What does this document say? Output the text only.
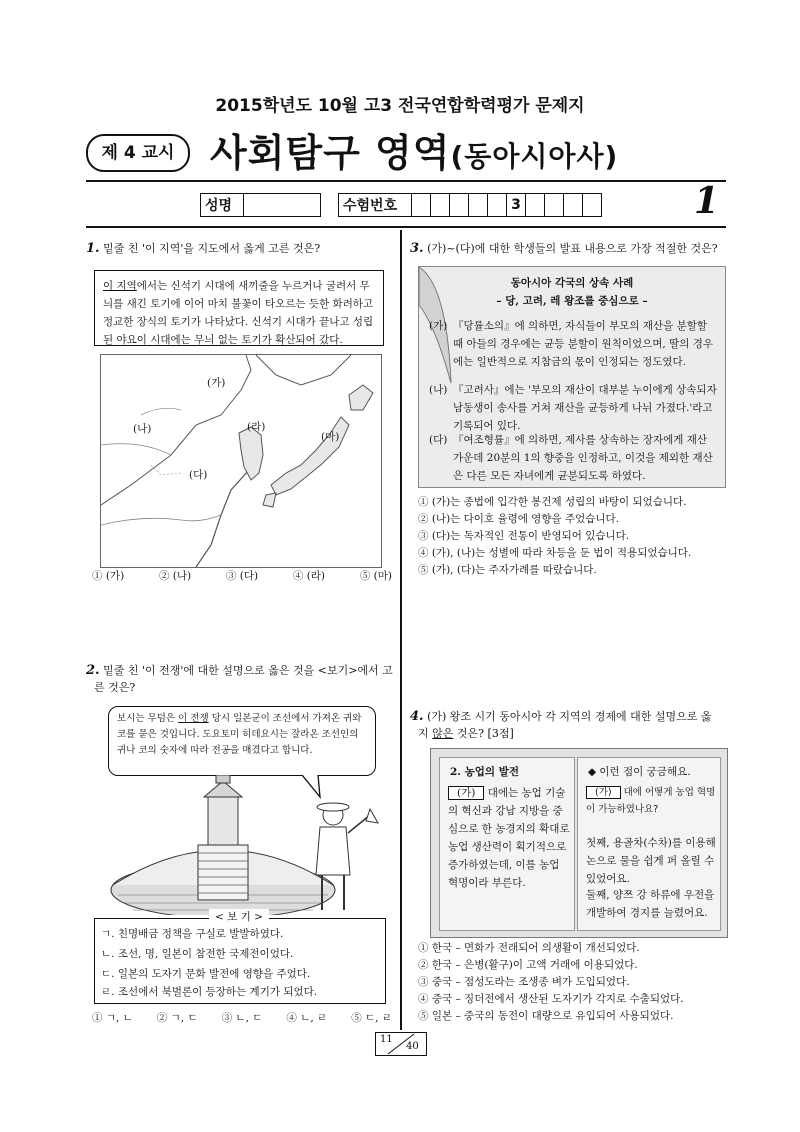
2015학년도 10월 고3 전국연합학력평가 문제지
제 4 교시 사회탐구 영역(동아시아사)
성명		수험번호						3					1
1. 밑줄 친 '이 지역'을 지도에서 옳게 고른 것은?
이 지역에서는 신석기 시대에 새끼줄을 누르거나 굴려서 무늬를 새긴 토기에 이어 마치 불꽃이 타오르는 듯한 화려하고 정교한 장식의 토기가 나타났다. 신석기 시대가 끝나고 성립된 야요이 시대에는 무늬 없는 토기가 확산되어 갔다.
(가)
(나)	(라)
(마)
(다)
① (가)	② (나)	③ (다)	④ (라)	⑤ (마)
2. 밑줄 친 '이 전쟁'에 대한 설명으로 옳은 것을 <보기>에서 고
른 것은?
보시는 무덤은 이 전쟁 당시 일본군이 조선에서 가져온 귀와 코를 묻은 것입니다. 도요토미 히데요시는 잘라온 조선인의 귀나 코의 숫자에 따라 전공을 매겼다고 합니다.
< 보 기 >
ㄱ. 친명배금 정책을 구실로 발발하였다.
ㄴ. 조선, 명, 일본이 참전한 국제전이었다.
ㄷ. 일본의 도자기 문화 발전에 영향을 주었다.
ㄹ. 조선에서 북벌론이 등장하는 계기가 되었다.
① ㄱ, ㄴ ② ㄱ, ㄷ ③ ㄴ, ㄷ ④ ㄴ, ㄹ ⑤ ㄷ, ㄹ
3. (가)~(다)에 대한 학생들의 발표 내용으로 가장 적절한 것은?
동아시아 각국의 상속 사례
– 당, 고려, 레 왕조를 중심으로 –
(가) 『당률소의』에 의하면, 자식들이 부모의 재산을 분할할 때 아들의 경우에는 균등 분할이 원칙이었으며, 딸의 경우에는 일반적으로 지참금의 몫이 인정되는 정도였다.
(나) 『고려사』에는 '부모의 재산이 대부분 누이에게 상속되자 남동생이 송사를 거쳐 재산을 균등하게 나뉘 가졌다.'라고 기록되어 있다.
(다) 『여조형률』에 의하면, 제사를 상속하는 장자에게 재산 가운데 20분의 1의 향중을 인정하고, 이것을 제외한 재산은 다른 모든 자녀에게 균분되도록 하였다.
① (가)는 종법에 입각한 봉건제 성립의 바탕이 되었습니다.
② (나)는 다이호 율령에 영향을 주었습니다.
③ (다)는 독자적인 전통이 반영되어 있습니다.
④ (가), (나)는 성별에 따라 차등을 둔 법이 적용되었습니다.
⑤ (가), (다)는 주자가례를 따랐습니다.
4. (가) 왕조 시기 동아시아 각 지역의 경제에 대한 설명으로 옳
지 않은 것은? [3점]
2. 농업의 발전
(가) 대에는 농업 기술의 혁신과 강남 지방을 중심으로 한 농경지의 확대로 농업 생산력이 획기적으로 증가하였는데, 이를 농업 혁명이라 부른다.
◆ 이런 점이 궁금해요.
(가) 대에 어떻게 농업 혁명이 가능하였나요?
첫째, 용골차(수차)를 이용해 논으로 물을 쉽게 퍼 올릴 수 있었어요.
둘째, 양쯔 강 하류에 우전을 개발하여 경지를 늘렸어요.
① 한국 – 면화가 전래되어 의생활이 개선되었다.
② 한국 – 은병(활구)이 고액 거래에 이용되었다.
③ 중국 – 점성도라는 조생종 벼가 도입되었다.
④ 중국 – 징더전에서 생산된 도자기가 각지로 수출되었다.
⑤ 일본 – 중국의 동전이 대량으로 유입되어 사용되었다.
11
40
